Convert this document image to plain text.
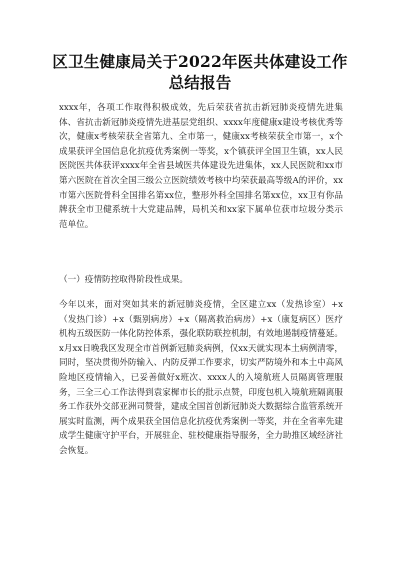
区卫生健康局关于2022年医共体建设工作
总结报告

xxxx年，各项工作取得积极成效，先后荣获省抗击新冠肺炎疫情先进集体、省抗击新冠肺炎疫情先进基层党组织、xxxx年度健康x建设考核优秀等次，健康x考核荣获全省第九、全市第一，健康xx考核荣获全市第一，x个成果获评全国信息化抗疫优秀案例一等奖，x个镇获评全国卫生镇，xx人民医院医共体获评xxxx年全省县域医共体建设先进集体，xx人民医院和xx市第六医院在首次全国三级公立医院绩效考核中均荣获最高等级A的评价，xx市第六医院骨科全国排名第xx位，整形外科全国排名第xx位，xx卫有你品牌获全市卫健系统十大党建品牌，局机关和xx家下属单位获市垃圾分类示范单位。

（一）疫情防控取得阶段性成果。

今年以来，面对突如其来的新冠肺炎疫情，全区建立xx（发热诊室）+x（发热门诊）+x（甄别病房）+x（隔离救治病房）+x（康复病区）医疗机构五级医防一体化防控体系，强化联防联控机制，有效地遏制疫情蔓延。x月xx日晚我区发现全市首例新冠肺炎病例，仅xx天就实现本土病例清零，同时，坚决贯彻外防输入、内防反弹工作要求，切实严防境外和本土中高风险地区疫情输入，已妥善做好x班次、xxxx人的入境航班人员隔离管理服务，三全三心工作法得到袁家樨市长的批示点赞，印度包机入境航班隔离服务工作获外交部亚洲司赞誉，建成全国首创新冠肺炎大数据综合监管系统开展实时监测，两个成果获全国信息化抗疫优秀案例一等奖，并在全省率先建成学生健康守护平台，开展驻企、驻校健康指导服务，全力助推区域经济社会恢复。
